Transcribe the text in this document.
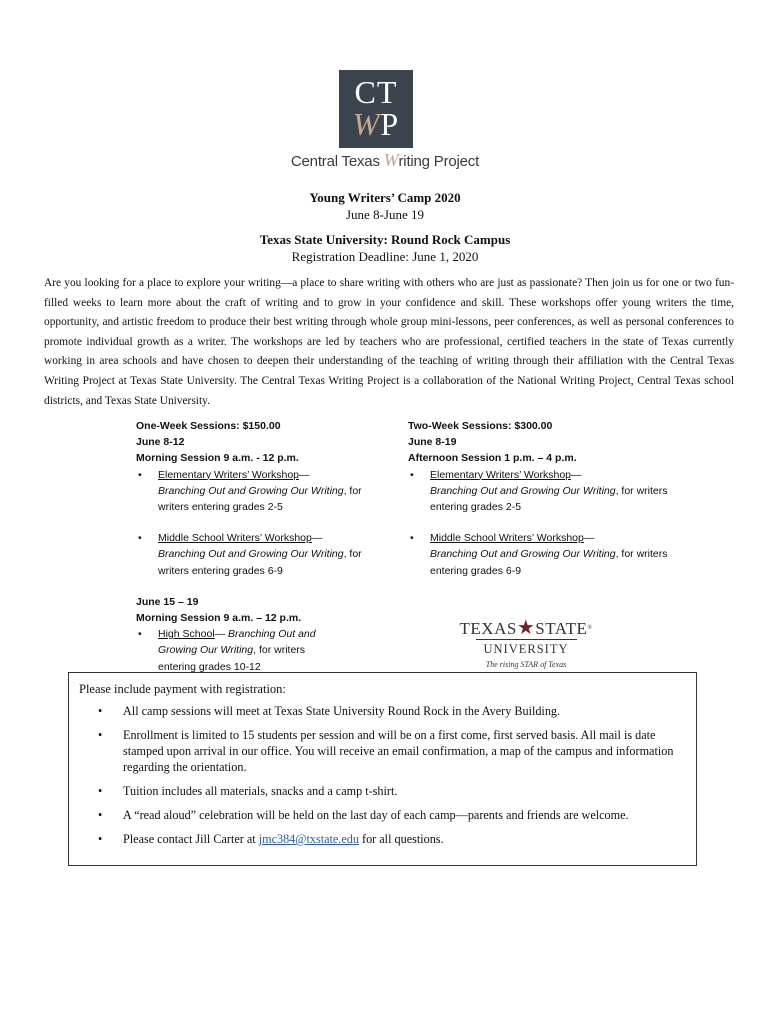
CT
WP
Central Texas Writing Project
Young Writers’ Camp 2020
June 8-June 19
Texas State University: Round Rock Campus
Registration Deadline: June 1, 2020

Are you looking for a place to explore your writing—a place to share writing with others who are just as passionate? Then join us for one or two fun-filled weeks to learn more about the craft of writing and to grow in your confidence and skill. These workshops offer young writers the time, opportunity, and artistic freedom to produce their best writing through whole group mini-lessons, peer conferences, as well as personal conferences to promote individual growth as a writer. The workshops are led by teachers who are professional, certified teachers in the state of Texas currently working in area schools and have chosen to deepen their understanding of the teaching of writing through their affiliation with the Central Texas Writing Project at Texas State University. The Central Texas Writing Project is a collaboration of the National Writing Project, Central Texas school districts, and Texas State University.

One-Week Sessions: $150.00

June 8-12

Morning Session 9 a.m. - 12 p.m.

• Elementary Writers’ Workshop—
Branching Out and Growing Our Writing, for writers entering grades 2-5
• Middle School Writers’ Workshop—
Branching Out and Growing Our Writing, for writers entering grades 6-9

June 15 – 19

Morning Session 9 a.m. – 12 p.m.

• High School— Branching Out and Growing Our Writing, for writers entering grades 10-12

Two-Week Sessions: $300.00

June 8-19

Afternoon Session 1 p.m. – 4 p.m.

• Elementary Writers’ Workshop—
Branching Out and Growing Our Writing, for writers entering grades 2-5
• Middle School Writers’ Workshop—
Branching Out and Growing Our Writing, for writers entering grades 6-9
TEXAS★STATE®
UNIVERSITY
The rising STAR of Texas

Please include payment with registration:

• All camp sessions will meet at Texas State University Round Rock in the Avery Building.
• Enrollment is limited to 15 students per session and will be on a first come, first served basis. All mail is date stamped upon arrival in our office. You will receive an email confirmation, a map of the campus and information regarding the orientation.
• Tuition includes all materials, snacks and a camp t-shirt.
• A “read aloud” celebration will be held on the last day of each camp—parents and friends are welcome.
• Please contact Jill Carter at jmc384@txstate.edu for all questions.
